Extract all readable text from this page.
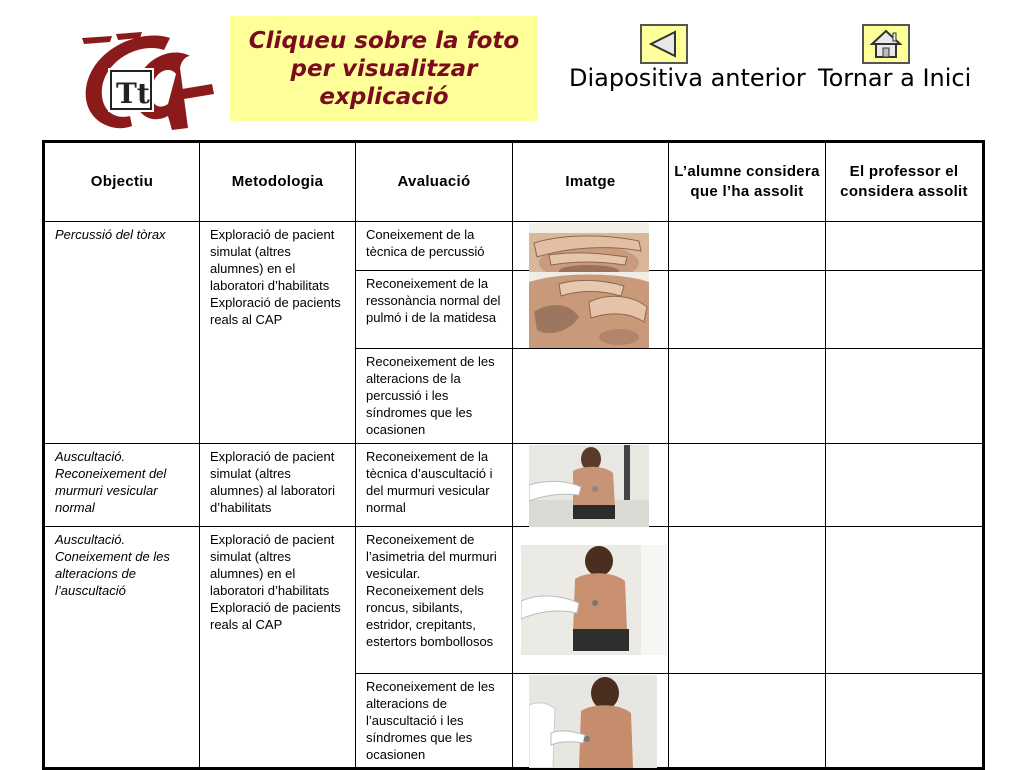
Tt
Cliqueu sobre la foto per visualitzar explicació
Diapositiva anterior Tornar a Inici
Objectiu	Metodologia	Avaluació	Imatge	L’alumne considera que l’ha assolit	El professor el considera assolit

Percussió del tòrax	Exploració de pacient simulat (altres alumnes) en el laboratori d’habilitats Exploració de pacients reals al CAP	Coneixement de la tècnica de percussió

		Reconeixement de la ressonància normal del pulmó i de la matidesa

		Reconeixement de les alteracions de la percussió i les síndromes que les ocasionen			

Auscultació. Reconeixement del murmuri vesicular normal	Exploració de pacient simulat (altres alumnes) al laboratori d’habilitats	Reconeixement de la tècnica d’auscultació i del murmuri vesicular normal

Auscultació. Coneixement de les alteracions de l’auscultació	Exploració de pacient simulat (altres alumnes) en el laboratori d’habilitats Exploració de pacients reals al CAP	Reconeixement de l’asimetria del murmuri vesicular. Reconeixement dels roncus, sibilants, estridor, crepitants, estertors bombollosos

		Reconeixement de les alteracions de l’auscultació i les síndromes que les ocasionen
